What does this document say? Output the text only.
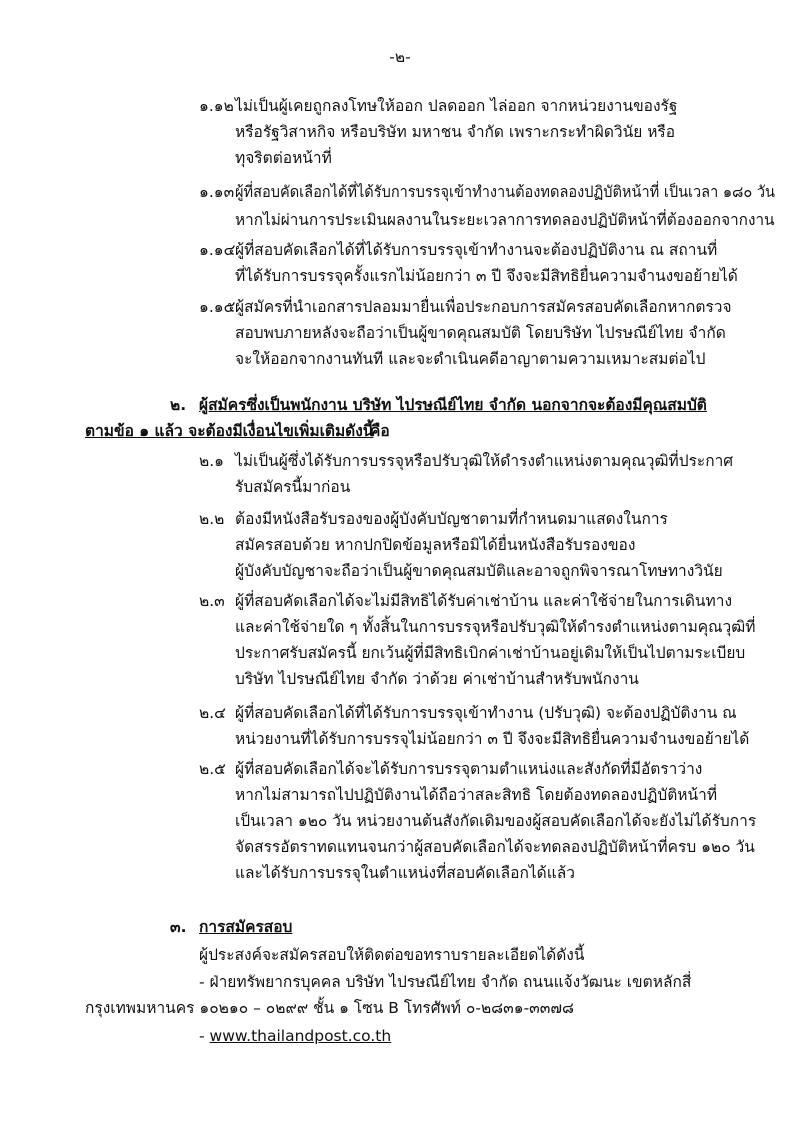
-๒-
๑.๑๒ ไม่เป็นผู้เคยถูกลงโทษให้ออก ปลดออก ไล่ออก จากหน่วยงานของรัฐ
หรือรัฐวิสาหกิจ หรือบริษัท มหาชน จำกัด เพราะกระทำผิดวินัย หรือ
ทุจริตต่อหน้าที่
๑.๑๓ ผู้ที่สอบคัดเลือกได้ที่ได้รับการบรรจุเข้าทำงานต้องทดลองปฏิบัติหน้าที่ เป็นเวลา ๑๘๐ วัน
หากไม่ผ่านการประเมินผลงานในระยะเวลาการทดลองปฏิบัติหน้าที่ต้องออกจากงาน
๑.๑๔ ผู้ที่สอบคัดเลือกได้ที่ได้รับการบรรจุเข้าทำงานจะต้องปฏิบัติงาน ณ สถานที่
ที่ได้รับการบรรจุครั้งแรกไม่น้อยกว่า ๓ ปี จึงจะมีสิทธิยื่นความจำนงขอย้ายได้
๑.๑๕ ผู้สมัครที่นำเอกสารปลอมมายื่นเพื่อประกอบการสมัครสอบคัดเลือกหากตรวจ
สอบพบภายหลังจะถือว่าเป็นผู้ขาดคุณสมบัติ โดยบริษัท ไปรษณีย์ไทย จำกัด
จะให้ออกจากงานทันที และจะดำเนินคดีอาญาตามความเหมาะสมต่อไป
๒. ผู้สมัครซึ่งเป็นพนักงาน บริษัท ไปรษณีย์ไทย จำกัด นอกจากจะต้องมีคุณสมบัติ
ตามข้อ ๑ แล้ว จะต้องมีเงื่อนไขเพิ่มเติมดังนี้
คือ
๒.๑ ไม่เป็นผู้ซึ่งได้รับการบรรจุหรือปรับวุฒิให้ดำรงตำแหน่งตามคุณวุฒิที่ประกาศ
รับสมัครนี้มาก่อน
๒.๒ ต้องมีหนังสือรับรองของผู้บังคับบัญชาตามที่กำหนดมาแสดงในการ
สมัครสอบด้วย หากปกปิดข้อมูลหรือมิได้ยื่นหนังสือรับรองของ
ผู้บังคับบัญชาจะถือว่าเป็นผู้ขาดคุณสมบัติและอาจถูกพิจารณาโทษทางวินัย
๒.๓ ผู้ที่สอบคัดเลือกได้จะไม่มีสิทธิได้รับค่าเช่าบ้าน และค่าใช้จ่ายในการเดินทาง
และค่าใช้จ่ายใด ๆ ทั้งสิ้นในการบรรจุหรือปรับวุฒิให้ดำรงตำแหน่งตามคุณวุฒิที่
ประกาศรับสมัครนี้ ยกเว้นผู้ที่มีสิทธิเบิกค่าเช่าบ้านอยู่เดิมให้เป็นไปตามระเบียบ
บริษัท ไปรษณีย์ไทย จำกัด ว่าด้วย ค่าเช่าบ้านสำหรับพนักงาน
๒.๔ ผู้ที่สอบคัดเลือกได้ที่ได้รับการบรรจุเข้าทำงาน (ปรับวุฒิ) จะต้องปฏิบัติงาน ณ
หน่วยงานที่ได้รับการบรรจุไม่น้อยกว่า ๓ ปี จึงจะมีสิทธิยื่นความจำนงขอย้ายได้
๒.๕ ผู้ที่สอบคัดเลือกได้จะได้รับการบรรจุตามตำแหน่งและสังกัดที่มีอัตราว่าง
หากไม่สามารถไปปฏิบัติงานได้ถือว่าสละสิทธิ โดยต้องทดลองปฏิบัติหน้าที่
เป็นเวลา ๑๒๐ วัน หน่วยงานต้นสังกัดเดิมของผู้สอบคัดเลือกได้จะยังไม่ได้รับการ
จัดสรรอัตราทดแทนจนกว่าผู้สอบคัดเลือกได้จะทดลองปฏิบัติหน้าที่ครบ ๑๒๐ วัน
และได้รับการบรรจุในตำแหน่งที่สอบคัดเลือกได้แล้ว
๓. การสมัครสอบ
ผู้ประสงค์จะสมัครสอบให้ติดต่อขอทราบรายละเอียดได้ดังนี้
- ฝ่ายทรัพยากรบุคคล บริษัท ไปรษณีย์ไทย จำกัด ถนนแจ้งวัฒนะ เขตหลักสี่
กรุงเทพมหานคร ๑๐๒๑๐ – ๐๒๙๙ ชั้น ๑ โซน B โทรศัพท์ ๐-๒๘๓๑-๓๓๗๘
- www.thailandpost.co.th
